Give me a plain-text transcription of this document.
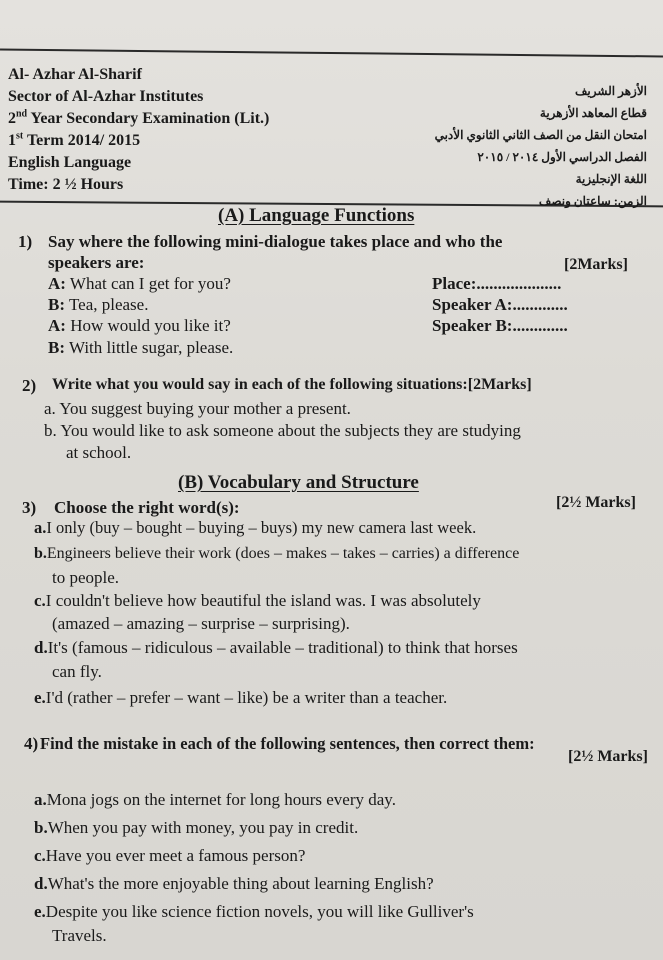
Al- Azhar Al-Sharif
Sector of Al-Azhar Institutes
2nd Year Secondary Examination (Lit.)
1st Term 2014/ 2015
English Language
Time: 2 ½ Hours
الأزهر الشريف
قطاع المعاهد الأزهرية
امتحان النقل من الصف الثاني الثانوي الأدبي
الفصل الدراسي الأول ٢٠١٤ / ٢٠١٥
اللغة الإنجليزية
الزمن: ساعتان ونصف
(A) Language Functions
1) Say where the following mini-dialogue takes place and who the
speakers are:	[2Marks]
A: What can I get for you?
B: Tea, please.
A: How would you like it?
B: With little sugar, please.
Place:....................
Speaker A:.............
Speaker B:.............
2) Write what you would say in each of the following situations:[2Marks]
a. You suggest buying your mother a present.
b. You would like to ask someone about the subjects they are studying
at school.
(B) Vocabulary and Structure
3) Choose the right word(s):	[2½ Marks]
a.I only (buy – bought – buying – buys) my new camera last week.
b.Engineers believe their work (does – makes – takes – carries) a difference
to people.
c.I couldn't believe how beautiful the island was. I was absolutely
(amazed – amazing – surprise – surprising).
d.It's (famous – ridiculous – available – traditional) to think that horses
can fly.
e.I'd (rather – prefer – want – like) be a writer than a teacher.
4) Find the mistake in each of the following sentences, then correct them:
[2½ Marks]
a.Mona jogs on the internet for long hours every day.
b.When you pay with money, you pay in credit.
c.Have you ever meet a famous person?
d.What's the more enjoyable thing about learning English?
e.Despite you like science fiction novels, you will like Gulliver's
Travels.
